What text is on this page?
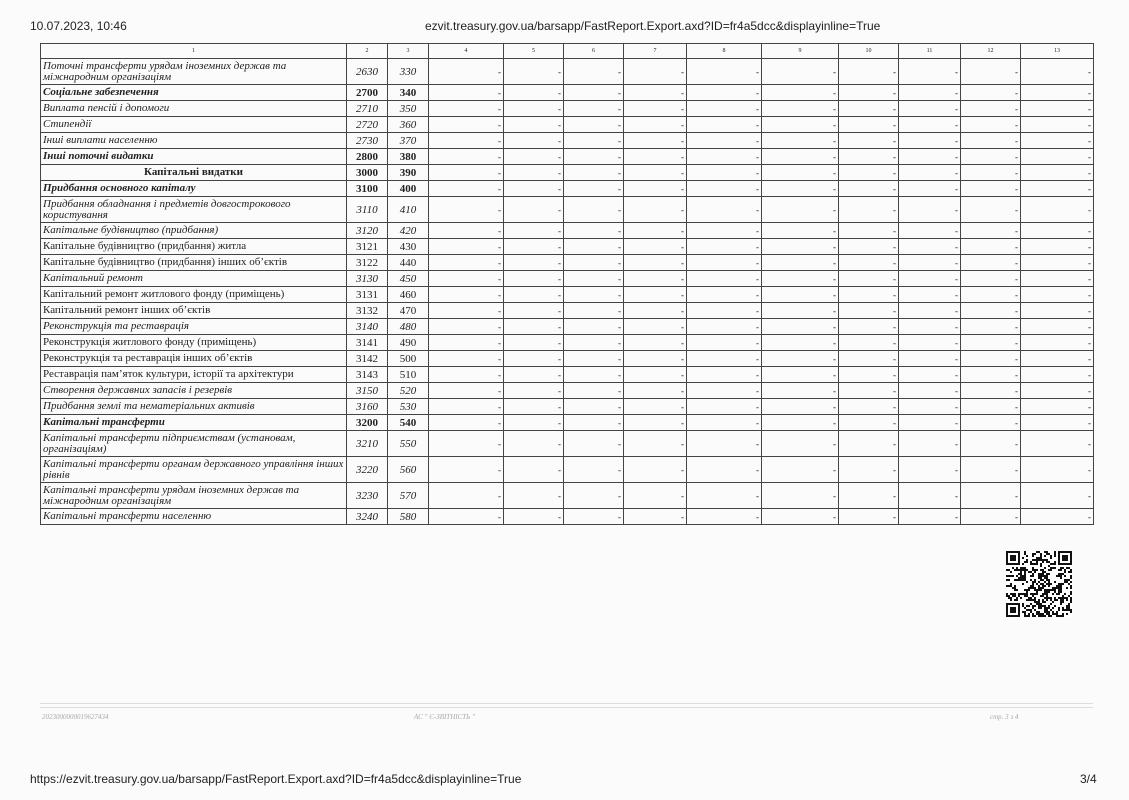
10.07.2023, 10:46	ezvit.treasury.gov.ua/barsapp/FastReport.Export.axd?ID=fr4a5dcc&displayinline=True
1	2	3	4	5	6	7	8	9	10	11	12	13
Поточні трансферти урядам іноземних держав та міжнародним організаціям	2630	330	-	-	-	-	-	-	-	-	-	-
Соціальне забезпечення	2700	340	-	-	-	-	-	-	-	-	-	-
Виплата пенсій і допомоги	2710	350	-	-	-	-	-	-	-	-	-	-
Стипендії	2720	360	-	-	-	-	-	-	-	-	-	-
Інші виплати населенню	2730	370	-	-	-	-	-	-	-	-	-	-
Інші поточні видатки	2800	380	-	-	-	-	-	-	-	-	-	-
Капітальні видатки	3000	390	-	-	-	-	-	-	-	-	-	-
Придбання основного капіталу	3100	400	-	-	-	-	-	-	-	-	-	-
Придбання обладнання і предметів довгострокового користування	3110	410	-	-	-	-	-	-	-	-	-	-
Капітальне будівництво (придбання)	3120	420	-	-	-	-	-	-	-	-	-	-
Капітальне будівництво (придбання) житла	3121	430	-	-	-	-	-	-	-	-	-	-
Капітальне будівництво (придбання) інших об’єктів	3122	440	-	-	-	-	-	-	-	-	-	-
Капітальний ремонт	3130	450	-	-	-	-	-	-	-	-	-	-
Капітальний ремонт житлового фонду (приміщень)	3131	460	-	-	-	-	-	-	-	-	-	-
Капітальний ремонт інших об’єктів	3132	470	-	-	-	-	-	-	-	-	-	-
Реконструкція та реставрація	3140	480	-	-	-	-	-	-	-	-	-	-
Реконструкція житлового фонду (приміщень)	3141	490	-	-	-	-	-	-	-	-	-	-
Реконструкція та реставрація інших об’єктів	3142	500	-	-	-	-	-	-	-	-	-	-
Реставрація пам’яток культури, історії та архітектури	3143	510	-	-	-	-	-	-	-	-	-	-
Створення державних запасів і резервів	3150	520	-	-	-	-	-	-	-	-	-	-
Придбання землі та нематеріальних активів	3160	530	-	-	-	-	-	-	-	-	-	-
Капітальні трансферти	3200	540	-	-	-	-	-	-	-	-	-	-
Капітальні трансферти підприємствам (установам, організаціям)	3210	550	-	-	-	-	-	-	-	-	-	-
Капітальні трансферти органам державного управління інших рівнів	3220	560	-	-	-	-	-	-	-	-	-	-
Капітальні трансферти урядам іноземних держав та міжнародним організаціям	3230	570	-	-	-	-	-	-	-	-	-	-
Капітальні трансферти населенню	3240	580	-	-	-	-	-	-	-	-	-	-
2023000000019627434	АС " Є-ЗВІТНІСТЬ "	стр. 3 з 4
https://ezvit.treasury.gov.ua/barsapp/FastReport.Export.axd?ID=fr4a5dcc&displayinline=True	3/4
